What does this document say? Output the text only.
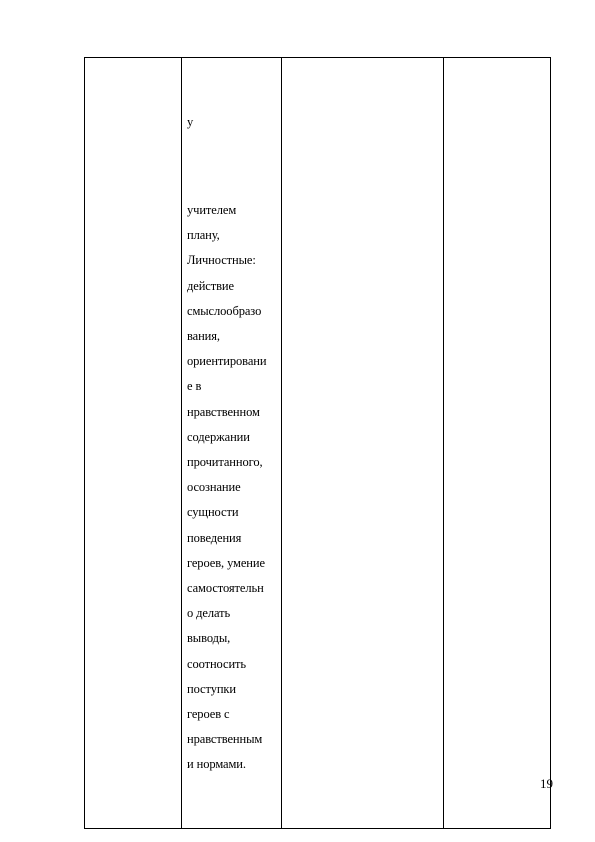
у

учителем
плану,
Личностные:
действие
смыслообразо
вания,
ориентировани
е в
нравственном
содержании
прочитанного,
осознание
сущности
поведения
героев, умение
самостоятельн
о делать
выводы,
соотносить
поступки
героев с
нравственным
и нормами.

19
